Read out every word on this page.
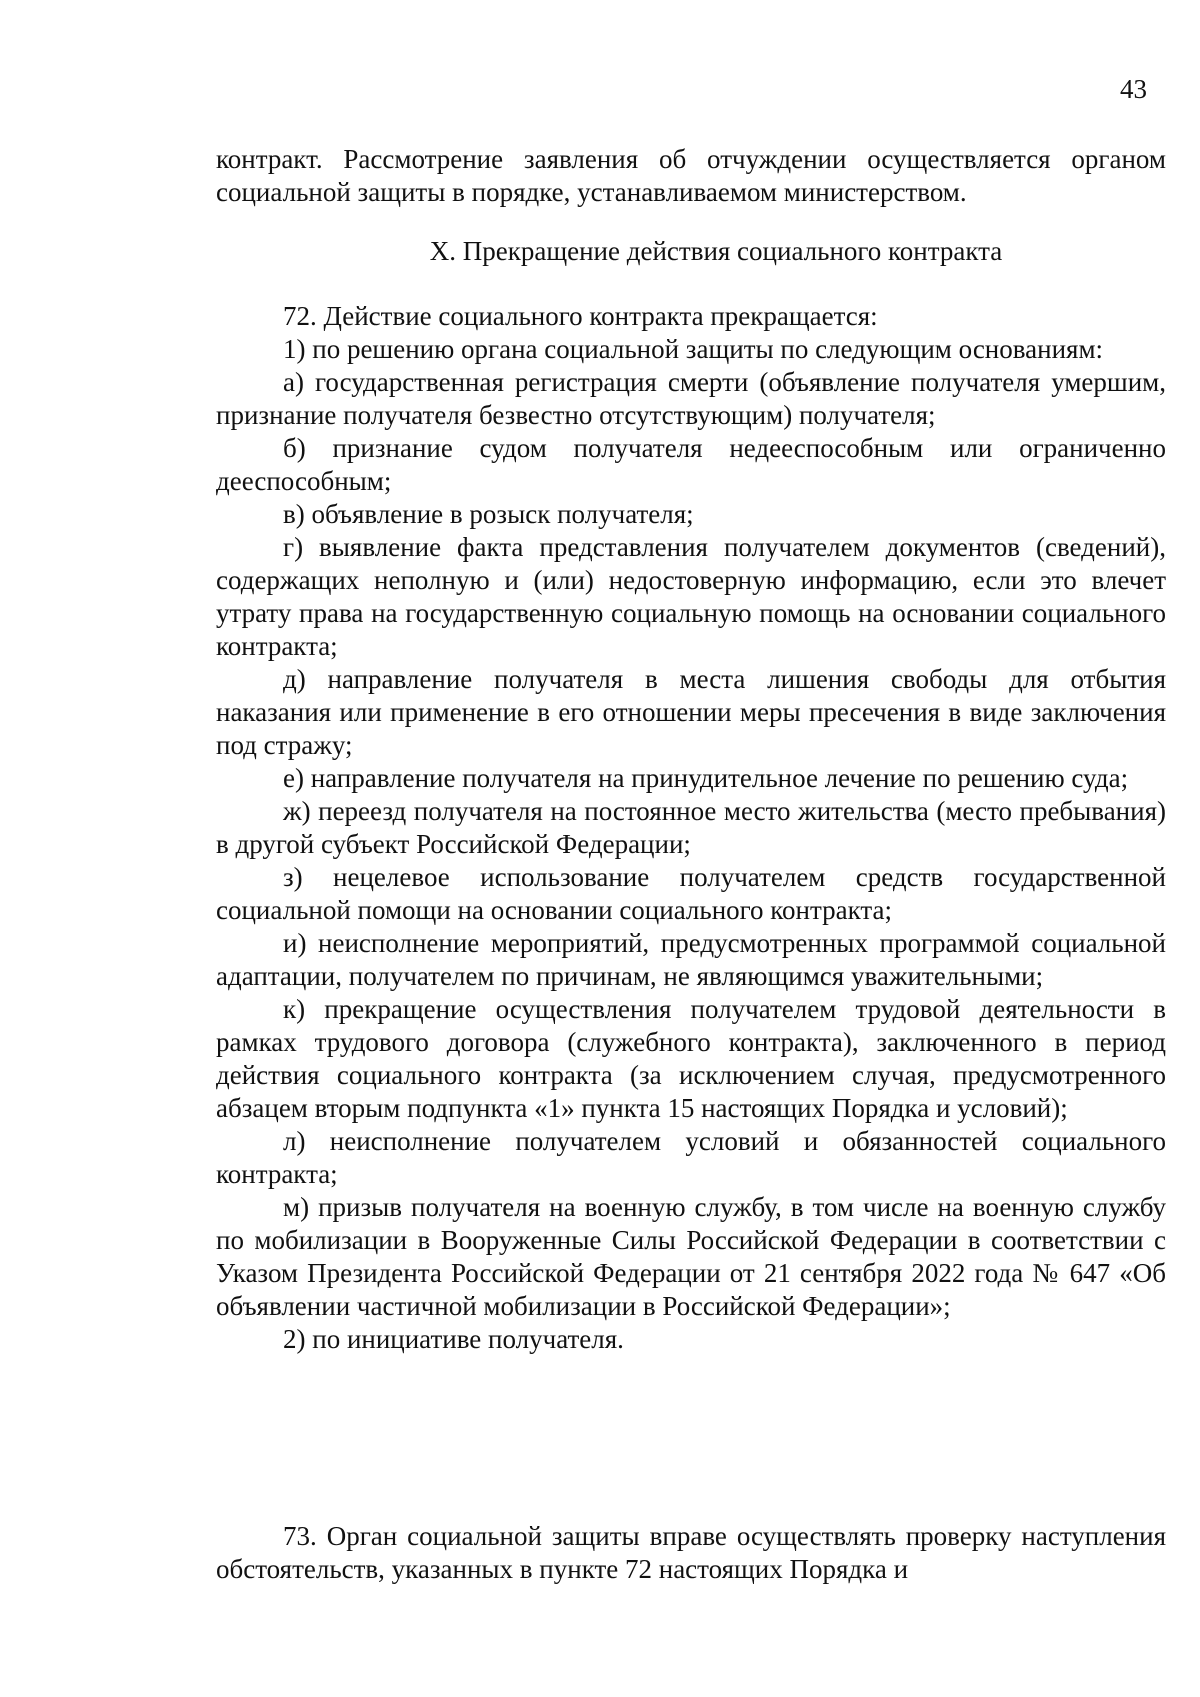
43

контракт. Рассмотрение заявления об отчуждении осуществляется органом социальной защиты в порядке, устанавливаемом министерством.

X. Прекращение действия социального контракта

72. Действие социального контракта прекращается:

1) по решению органа социальной защиты по следующим основаниям:

а) государственная регистрация смерти (объявление получателя умершим, признание получателя безвестно отсутствующим) получателя;

б) признание судом получателя недееспособным или ограниченно дееспособным;

в) объявление в розыск получателя;

г) выявление факта представления получателем документов (сведений), содержащих неполную и (или) недостоверную информацию, если это влечет утрату права на государственную социальную помощь на основании социального контракта;

д) направление получателя в места лишения свободы для отбытия наказания или применение в его отношении меры пресечения в виде заключения под стражу;

е) направление получателя на принудительное лечение по решению суда;

ж) переезд получателя на постоянное место жительства (место пребывания) в другой субъект Российской Федерации;

з) нецелевое использование получателем средств государственной социальной помощи на основании социального контракта;

и) неисполнение мероприятий, предусмотренных программой социальной адаптации, получателем по причинам, не являющимся уважительными;

к) прекращение осуществления получателем трудовой деятельности в рамках трудового договора (служебного контракта), заключенного в период действия социального контракта (за исключением случая, предусмотренного абзацем вторым подпункта «1» пункта 15 настоящих Порядка и условий);

л) неисполнение получателем условий и обязанностей социального контракта;

м) призыв получателя на военную службу, в том числе на военную службу по мобилизации в Вооруженные Силы Российской Федерации в соответствии с Указом Президента Российской Федерации от 21 сентября 2022 года № 647 «Об объявлении частичной мобилизации в Российской Федерации»;

2) по инициативе получателя.

73. Орган социальной защиты вправе осуществлять проверку наступления обстоятельств, указанных в пункте 72 настоящих Порядка и
